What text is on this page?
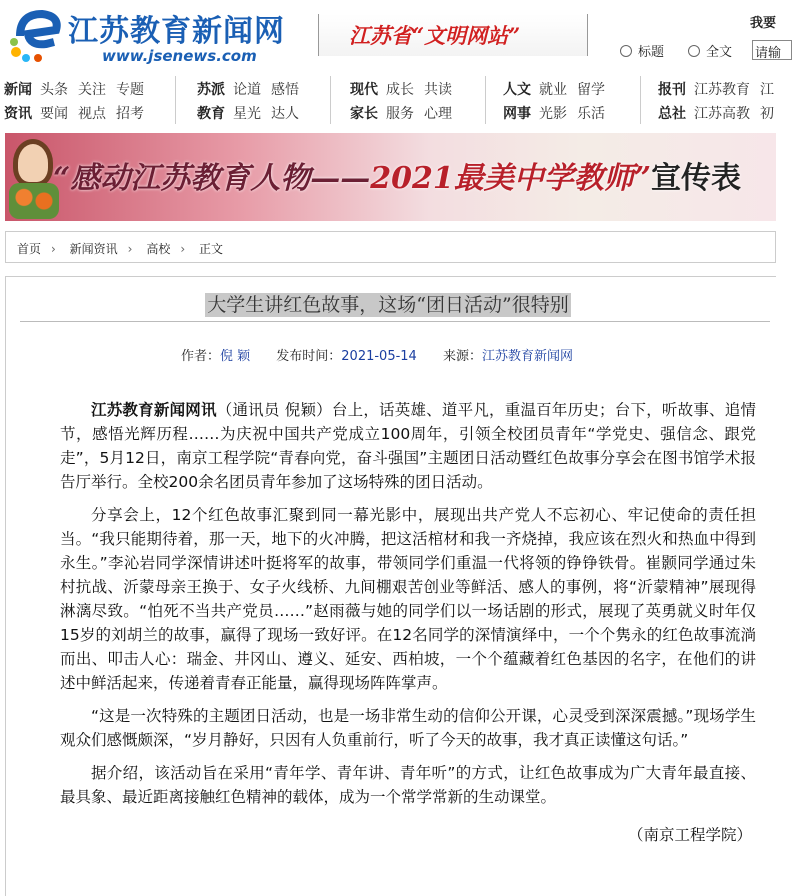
江苏教育新闻网
www.jsenews.com
江苏省“文明网站”	我要
标题	全文 请输
新闻 头条 关注 专题
资讯 要闻 视点 招考
苏派 论道 感悟
教育 星光 达人
现代 成长 共读
家长 服务 心理
人文 就业 留学
网事 光影 乐活
报刊 江苏教育 江
总社 江苏高教 初
“感动江苏教育人物——2021最美中学教师”宣传表
首页 › 新闻资讯 › 高校 › 正文
大学生讲红色故事，这场“团日活动”很特别
作者：倪 颖 发布时间：2021-05-14 来源：江苏教育新闻网

江苏教育新闻网讯（通讯员 倪颖）台上，话英雄、道平凡，重温百年历史；台下，听故事、追情节，感悟光辉历程……为庆祝中国共产党成立100周年，引领全校团员青年“学党史、强信念、跟党走”，5月12日，南京工程学院“青春向党，奋斗强国”主题团日活动暨红色故事分享会在图书馆学术报告厅举行。全校200余名团员青年参加了这场特殊的团日活动。

分享会上，12个红色故事汇聚到同一幕光影中，展现出共产党人不忘初心、牢记使命的责任担当。“我只能期待着，那一天，地下的火冲腾，把这活棺材和我一齐烧掉，我应该在烈火和热血中得到永生。”李沁岩同学深情讲述叶挺将军的故事，带领同学们重温一代将领的铮铮铁骨。崔颢同学通过朱村抗战、沂蒙母亲王换于、女子火线桥、九间棚艰苦创业等鲜活、感人的事例，将“沂蒙精神”展现得淋漓尽致。“怕死不当共产党员……”赵雨薇与她的同学们以一场话剧的形式，展现了英勇就义时年仅15岁的刘胡兰的故事，赢得了现场一致好评。在12名同学的深情演绎中，一个个隽永的红色故事流淌而出、叩击人心：瑞金、井冈山、遵义、延安、西柏坡，一个个蕴藏着红色基因的名字，在他们的讲述中鲜活起来，传递着青春正能量，赢得现场阵阵掌声。

“这是一次特殊的主题团日活动，也是一场非常生动的信仰公开课，心灵受到深深震撼。”现场学生观众们感慨颇深，“岁月静好，只因有人负重前行，听了今天的故事，我才真正读懂这句话。”

据介绍，该活动旨在采用“青年学、青年讲、青年听”的方式，让红色故事成为广大青年最直接、最具象、最近距离接触红色精神的载体，成为一个常学常新的生动课堂。

（南京工程学院）
